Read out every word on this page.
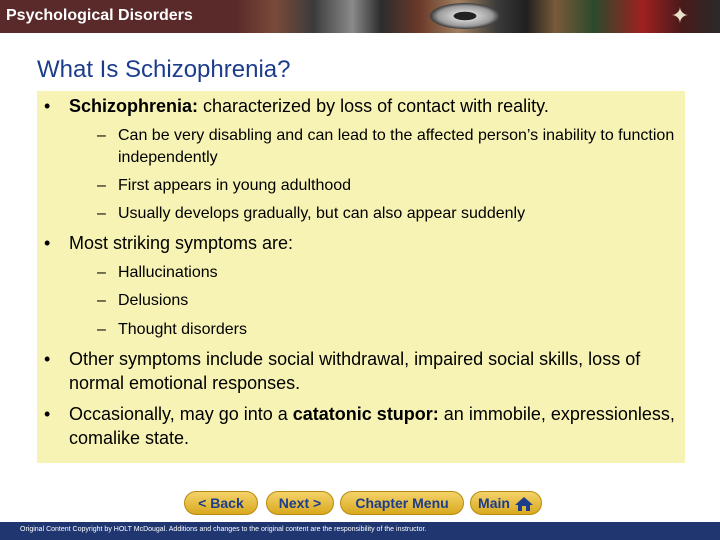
✦
Psychological Disorders
What Is Schizophrenia?
• Schizophrenia: characterized by loss of contact with reality.
– Can be very disabling and can lead to the affected person’s inability to function independently
– First appears in young adulthood
– Usually develops gradually, but can also appear suddenly
• Most striking symptoms are:
– Hallucinations
– Delusions
– Thought disorders
• Other symptoms include social withdrawal, impaired social skills, loss of normal emotional responses.
• Occasionally, may go into a catatonic stupor: an immobile, expressionless, comalike state.
< Back	Next >	Chapter Menu	Main
Original Content Copyright by HOLT McDougal. Additions and changes to the original content are the responsibility of the instructor.
